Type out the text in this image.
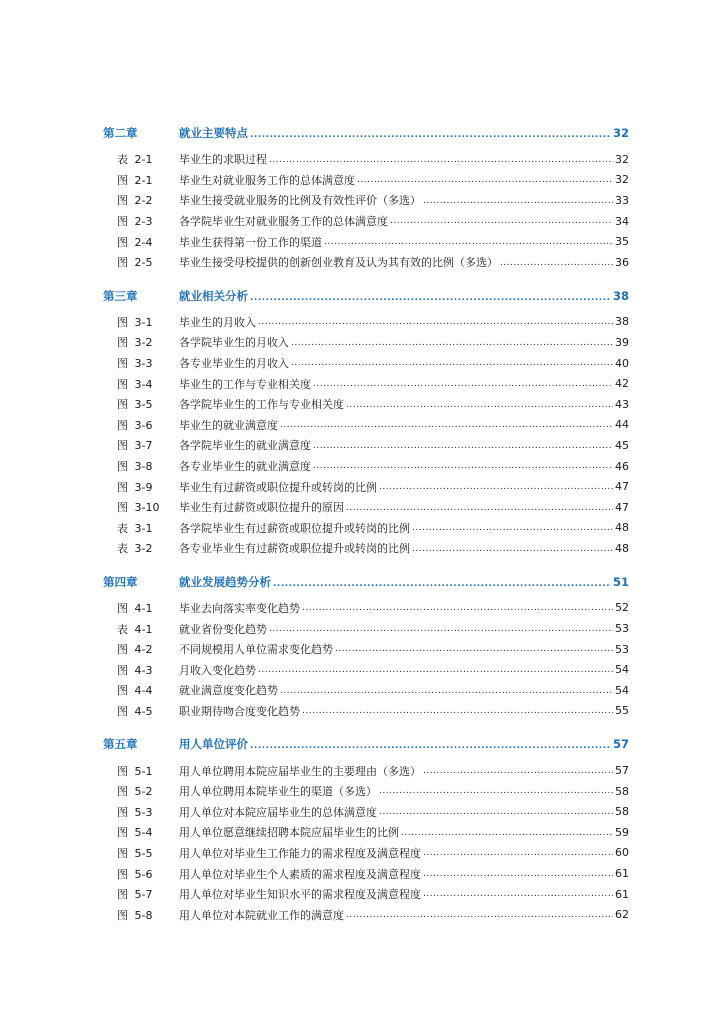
第二章	就业主要特点 .....	32
表 2-1	毕业生的求职过程 .....	32
图 2-1	毕业生对就业服务工作的总体满意度 .....	32
图 2-2	毕业生接受就业服务的比例及有效性评价（多选） .....	33
图 2-3	各学院毕业生对就业服务工作的总体满意度 .....	34
图 2-4	毕业生获得第一份工作的渠道 .....	35
图 2-5	毕业生接受母校提供的创新创业教育及认为其有效的比例（多选） .....	36
第三章	就业相关分析 .....	38
图 3-1	毕业生的月收入 .....	38
图 3-2	各学院毕业生的月收入 .....	39
图 3-3	各专业毕业生的月收入 .....	40
图 3-4	毕业生的工作与专业相关度 .....	42
图 3-5	各学院毕业生的工作与专业相关度 .....	43
图 3-6	毕业生的就业满意度 .....	44
图 3-7	各学院毕业生的就业满意度 .....	45
图 3-8	各专业毕业生的就业满意度 .....	46
图 3-9	毕业生有过薪资或职位提升或转岗的比例 .....	47
图 3-10	毕业生有过薪资或职位提升的原因 .....	47
表 3-1	各学院毕业生有过薪资或职位提升或转岗的比例 .....	48
表 3-2	各专业毕业生有过薪资或职位提升或转岗的比例 .....	48
第四章	就业发展趋势分析 .....	51
图 4-1	毕业去向落实率变化趋势 .....	52
表 4-1	就业省份变化趋势 .....	53
图 4-2	不同规模用人单位需求变化趋势 .....	53
图 4-3	月收入变化趋势 .....	54
图 4-4	就业满意度变化趋势 .....	54
图 4-5	职业期待吻合度变化趋势 .....	55
第五章	用人单位评价 .....	57
图 5-1	用人单位聘用本院应届毕业生的主要理由（多选） .....	57
图 5-2	用人单位聘用本院毕业生的渠道（多选） .....	58
图 5-3	用人单位对本院应届毕业生的总体满意度 .....	58
图 5-4	用人单位愿意继续招聘本院应届毕业生的比例 .....	59
图 5-5	用人单位对毕业生工作能力的需求程度及满意程度 .....	60
图 5-6	用人单位对毕业生个人素质的需求程度及满意程度 .....	61
图 5-7	用人单位对毕业生知识水平的需求程度及满意程度 .....	61
图 5-8	用人单位对本院就业工作的满意度 .....	62
